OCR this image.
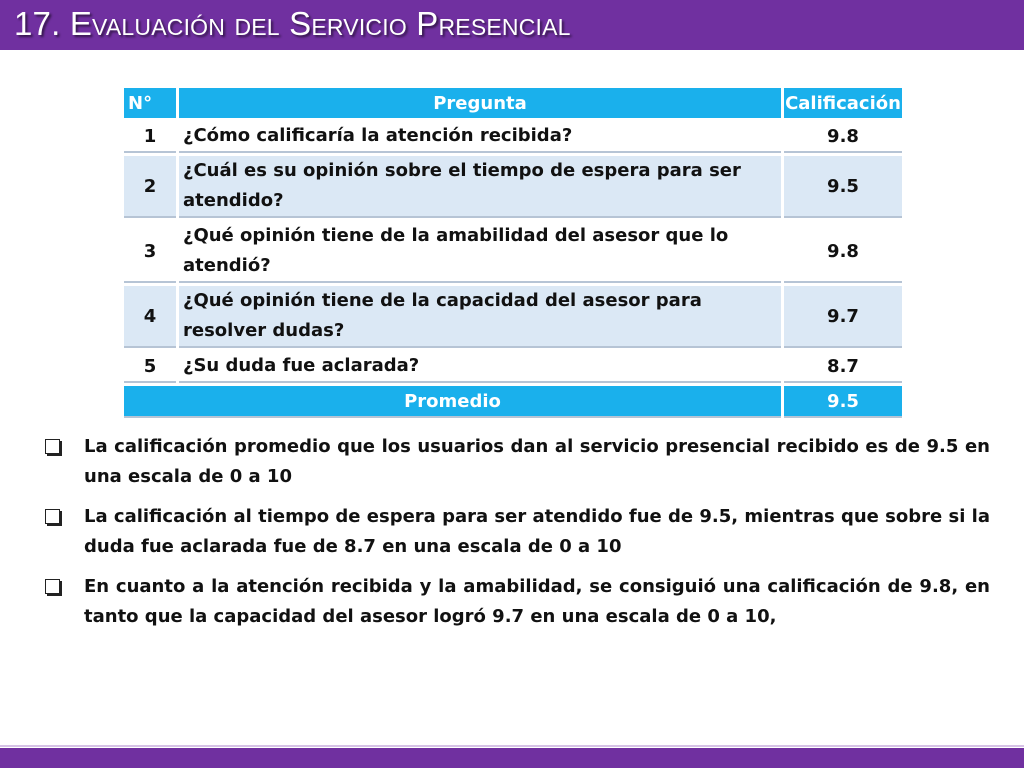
17. Evaluación del Servicio Presencial
N°	Pregunta	Calificación
1	¿Cómo calificaría la atención recibida?	9.8
2	¿Cuál es su opinión sobre el tiempo de espera para ser atendido?	9.5
3	¿Qué opinión tiene de la amabilidad del asesor que lo atendió?	9.8
4	¿Qué opinión tiene de la capacidad del asesor para resolver dudas?	9.7
5	¿Su duda fue aclarada?	8.7
Promedio		9.5
La calificación promedio que los usuarios dan al servicio presencial recibido es de 9.5 en una escala de 0 a 10
La calificación al tiempo de espera para ser atendido fue de 9.5, mientras que sobre si la duda fue aclarada fue de 8.7 en una escala de 0 a 10
En cuanto a la atención recibida y la amabilidad, se consiguió una calificación de 9.8, en tanto que la capacidad del asesor logró 9.7 en una escala de 0 a 10,
